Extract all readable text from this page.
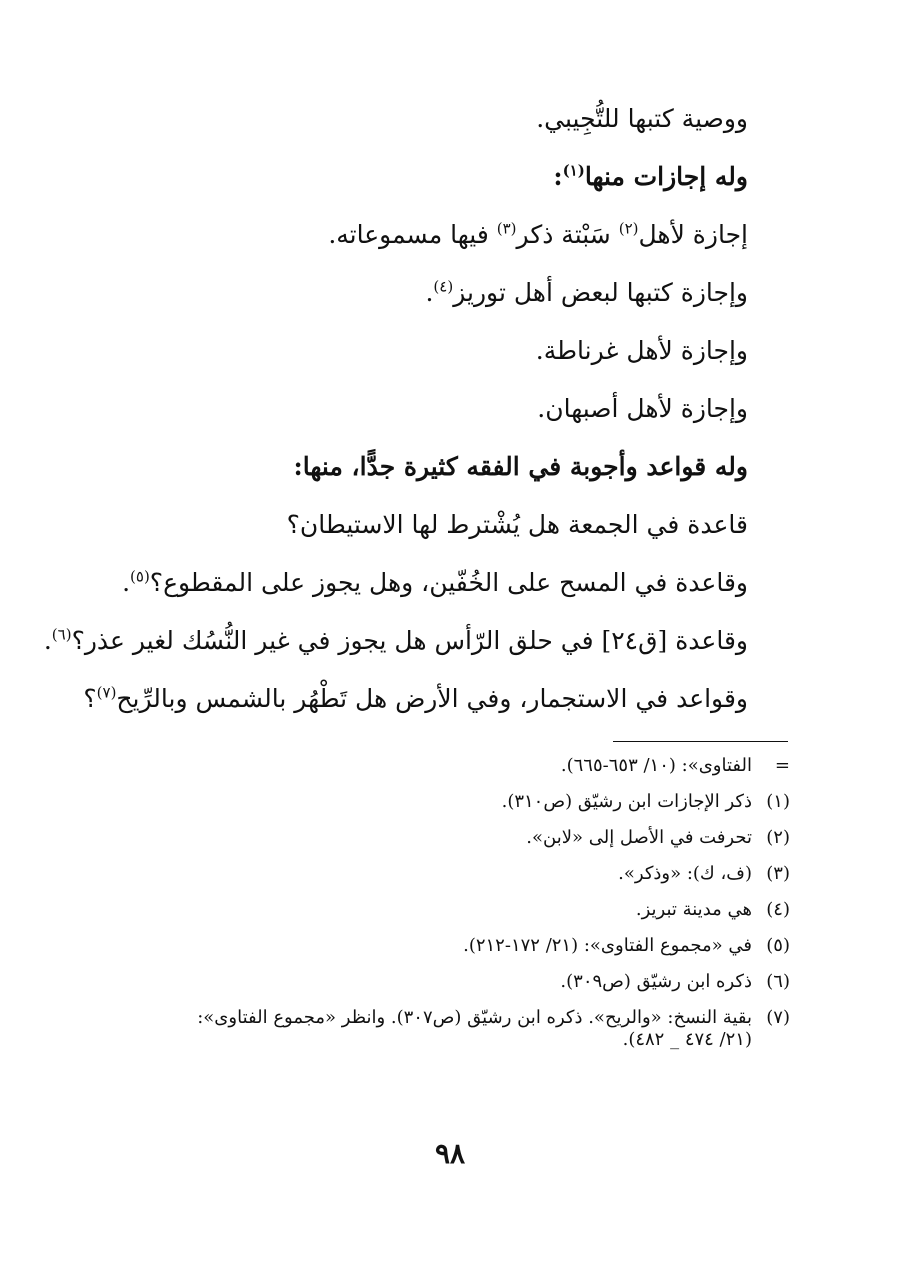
ووصية كتبها للتُّجِيبي.
وله إجازات منها$^{(١)}$:
إجازة لأهل$^{(٢)}$ سَبْتة ذكر$^{(٣)}$ فيها مسموعاته.
وإجازة كتبها لبعض أهل توريز$^{(٤)}$.
وإجازة لأهل غرناطة.
وإجازة لأهل أصبهان.
وله قواعد وأجوبة في الفقه كثيرة جدًّا، منها:
قاعدة في الجمعة هل يُشْترط لها الاستيطان؟
وقاعدة في المسح على الخُفّين، وهل يجوز على المقطوع؟$^{(٥)}$.
وقاعدة [ق٢٤] في حلق الرّأس هل يجوز في غير النُّسُك لغير عذر؟$^{(٦)}$.
وقواعد في الاستجمار، وفي الأرض هل تَطْهُر بالشمس وبالرِّيح$^{(٧)}$؟
=
الفتاوى»: (١٠/ ٦٥٣-٦٦٥).
(١)
ذكر الإجازات ابن رشيّق (ص٣١٠).
(٢)
تحرفت في الأصل إلى «لابن».
(٣)
(ف، ك): «وذكر».
(٤)
هي مدينة تبريز.
(٥)
في «مجموع الفتاوى»: (٢١/ ١٧٢-٢١٢).
(٦)
ذكره ابن رشيّق (ص٣٠٩).
(٧)
بقية النسخ: «والريح». ذكره ابن رشيّق (ص٣٠٧). وانظر «مجموع الفتاوى»:
(٢١/ ٤٧٤ _ ٤٨٢).
٩٨
